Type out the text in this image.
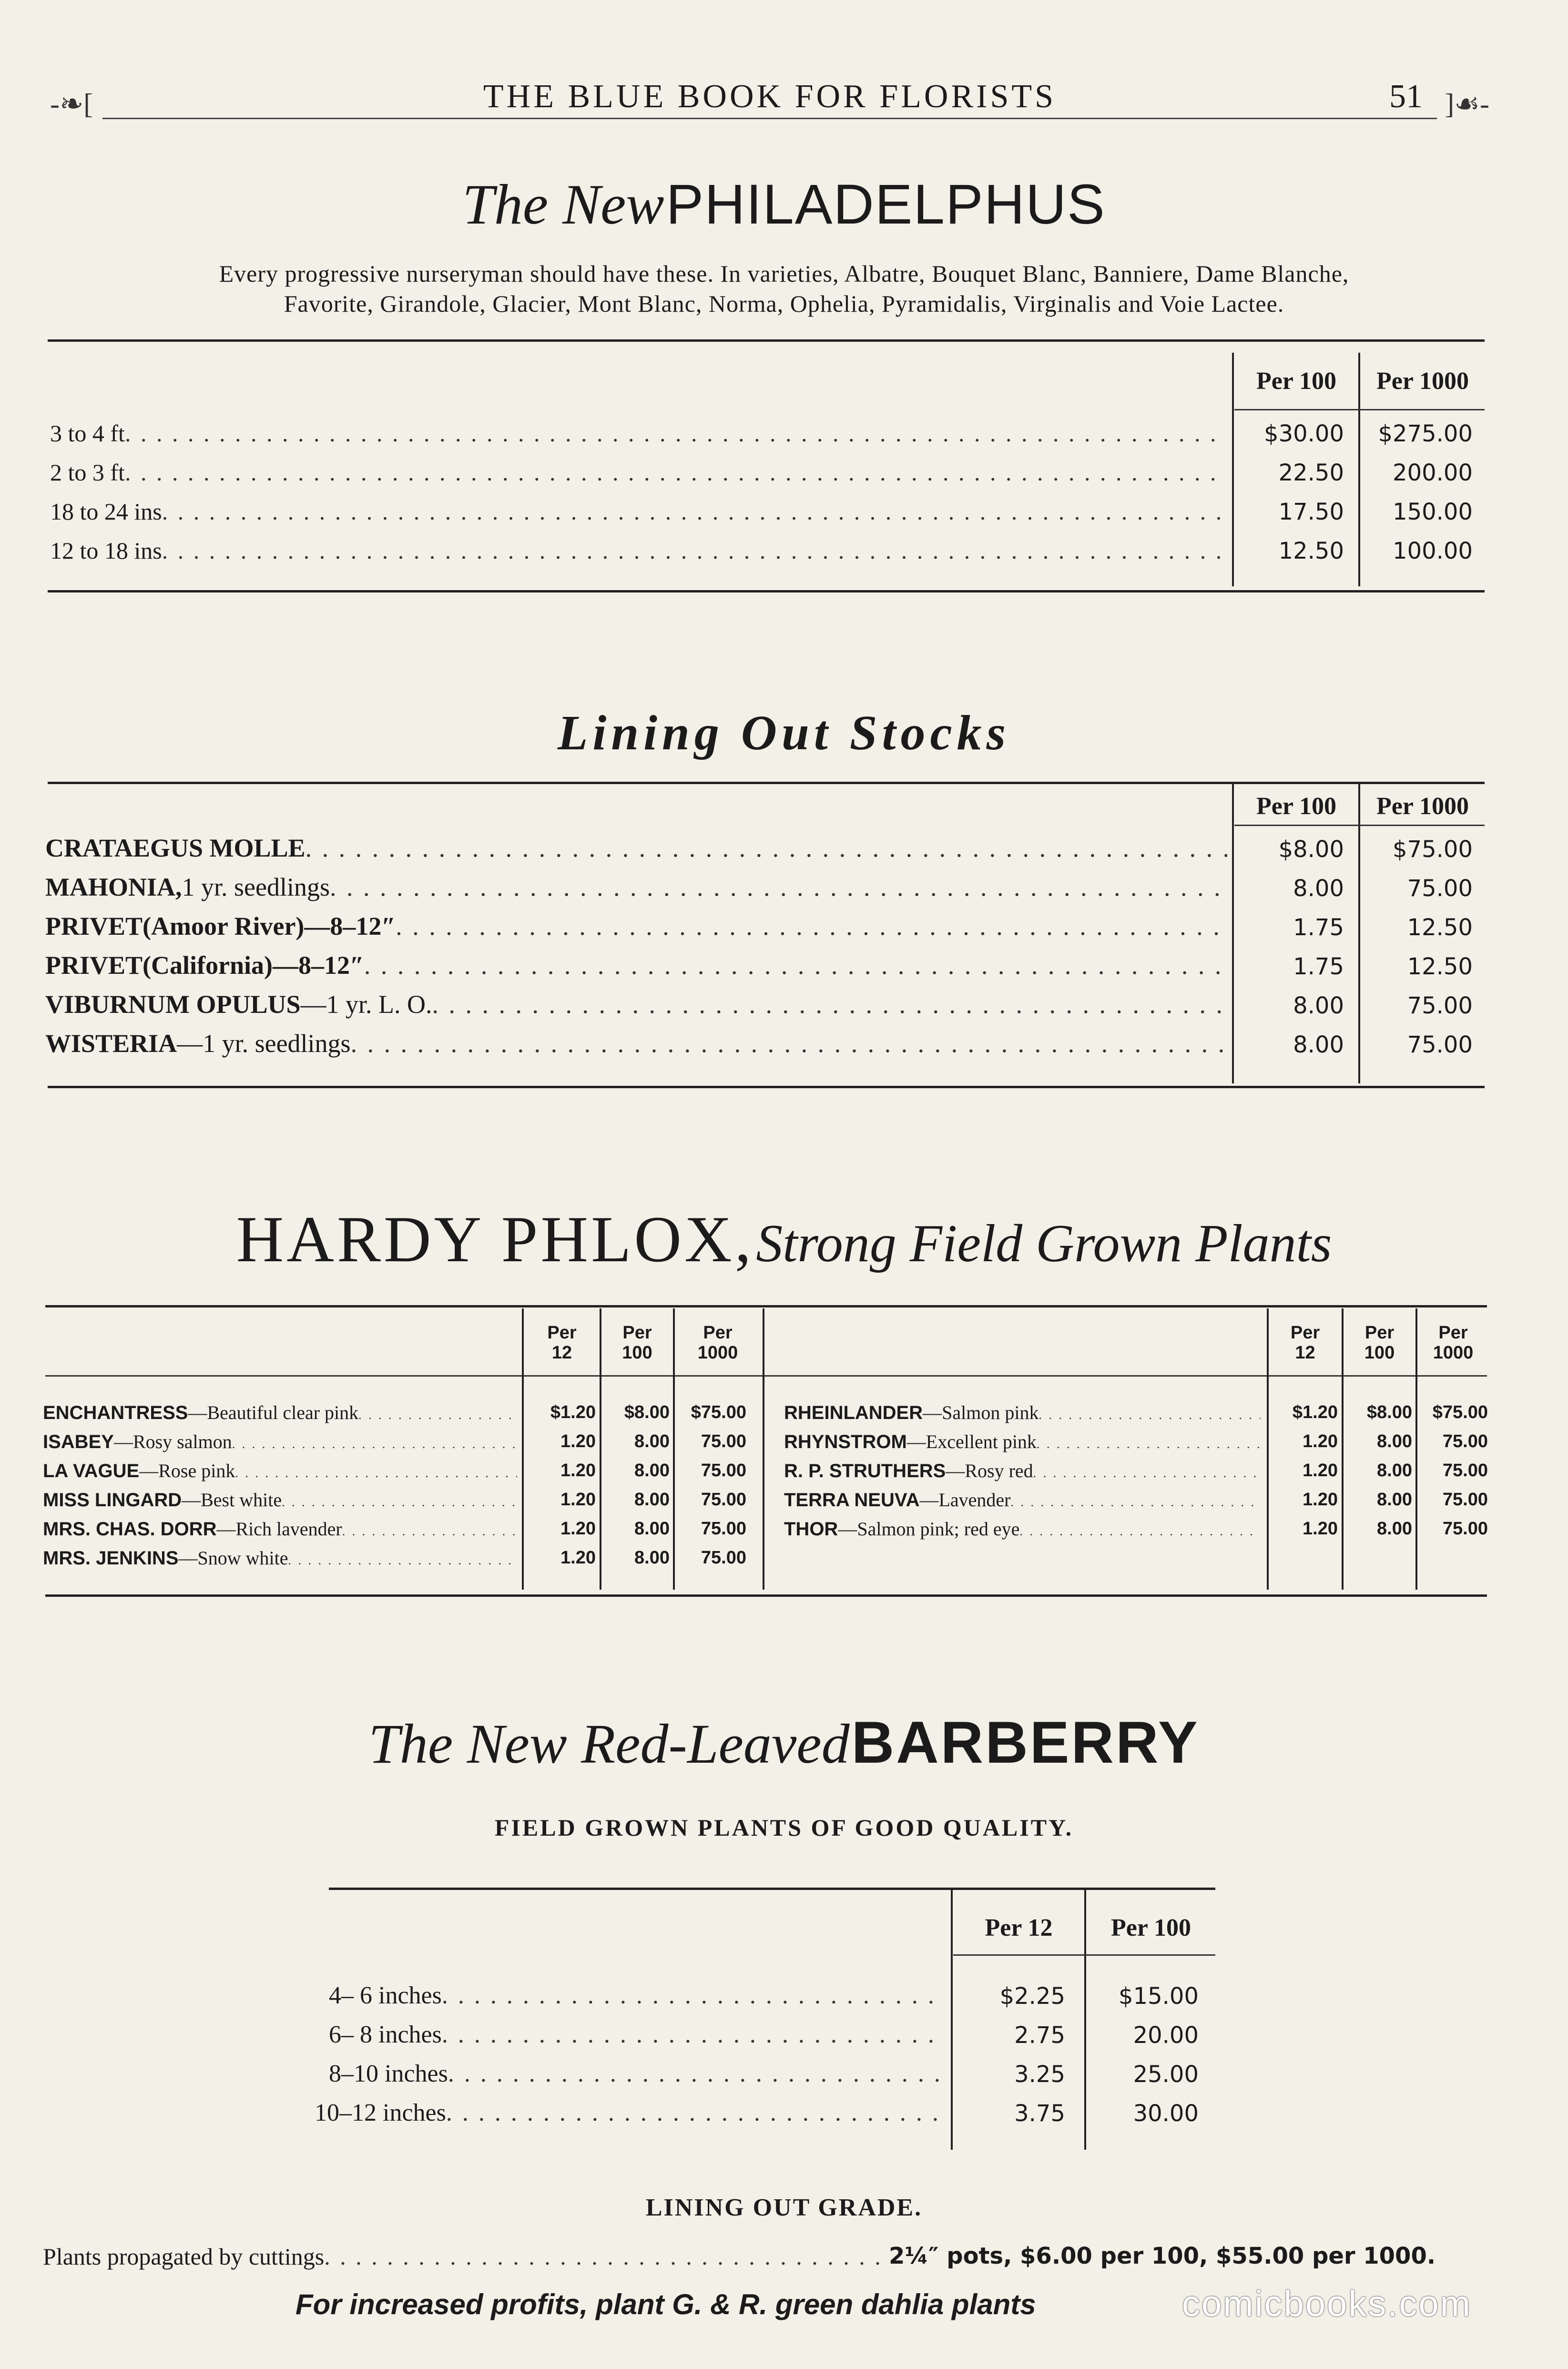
-❧[	THE BLUE BOOK FOR FLORISTS	51 ]☙-
The New PHILADELPHUS
Every progressive nurseryman should have these. In varieties, Albatre, Bouquet Blanc, Banniere, Dame Blanche,
Favorite, Girandole, Glacier, Mont Blanc, Norma, Ophelia, Pyramidalis, Virginalis and Voie Lactee.
Per 100	Per 1000
3 to 4 ft . . .	$30.00	$275.00
2 to 3 ft . . .	22.50	200.00
18 to 24 ins . . .	17.50	150.00
12 to 18 ins . . .	12.50	100.00
Lining Out Stocks
Per 100	Per 1000
CRATAEGUS MOLLE . . .	$8.00	$75.00
MAHONIA, 1 yr. seedlings . . .	8.00	75.00
PRIVET (Amoor River)—8–12″ . . .	1.75	12.50
PRIVET (California)—8–12″ . . .	1.75	12.50
VIBURNUM OPULUS —1 yr. L. O. . . .	8.00	75.00
WISTERIA —1 yr. seedlings . . .	8.00	75.00
HARDY PHLOX, Strong Field Grown Plants
Per
12
Per
100
Per
1000
Per
12
Per
100
Per
1000
ENCHANTRESS —Beautiful clear pink . . .	$1.20	$8.00	$75.00
ISABEY —Rosy salmon . . .	1.20	8.00	75.00
LA VAGUE —Rose pink . . .	1.20	8.00	75.00
MISS LINGARD —Best white . . .	1.20	8.00	75.00
MRS. CHAS. DORR —Rich lavender . . .	1.20	8.00	75.00
MRS. JENKINS —Snow white . . .	1.20	8.00	75.00
RHEINLANDER —Salmon pink . . .	$1.20	$8.00	$75.00
RHYNSTROM —Excellent pink . . .	1.20	8.00	75.00
R. P. STRUTHERS —Rosy red . . .	1.20	8.00	75.00
TERRA NEUVA —Lavender . . .	1.20	8.00	75.00
THOR —Salmon pink; red eye . . .	1.20	8.00	75.00
The New Red-Leaved BARBERRY
FIELD GROWN PLANTS OF GOOD QUALITY.
Per 12	Per 100
4– 6 inches . . .	$2.25	$15.00
6– 8 inches . . .	2.75	20.00
8–10 inches . . .	3.25	25.00
10–12 inches . . .	3.75	30.00
LINING OUT GRADE.
Plants propagated by cuttings . . .	2¼″ pots, $6.00 per 100, $55.00 per 1000.
For increased profits, plant G. & R. green dahlia plants	comicbooks.com
